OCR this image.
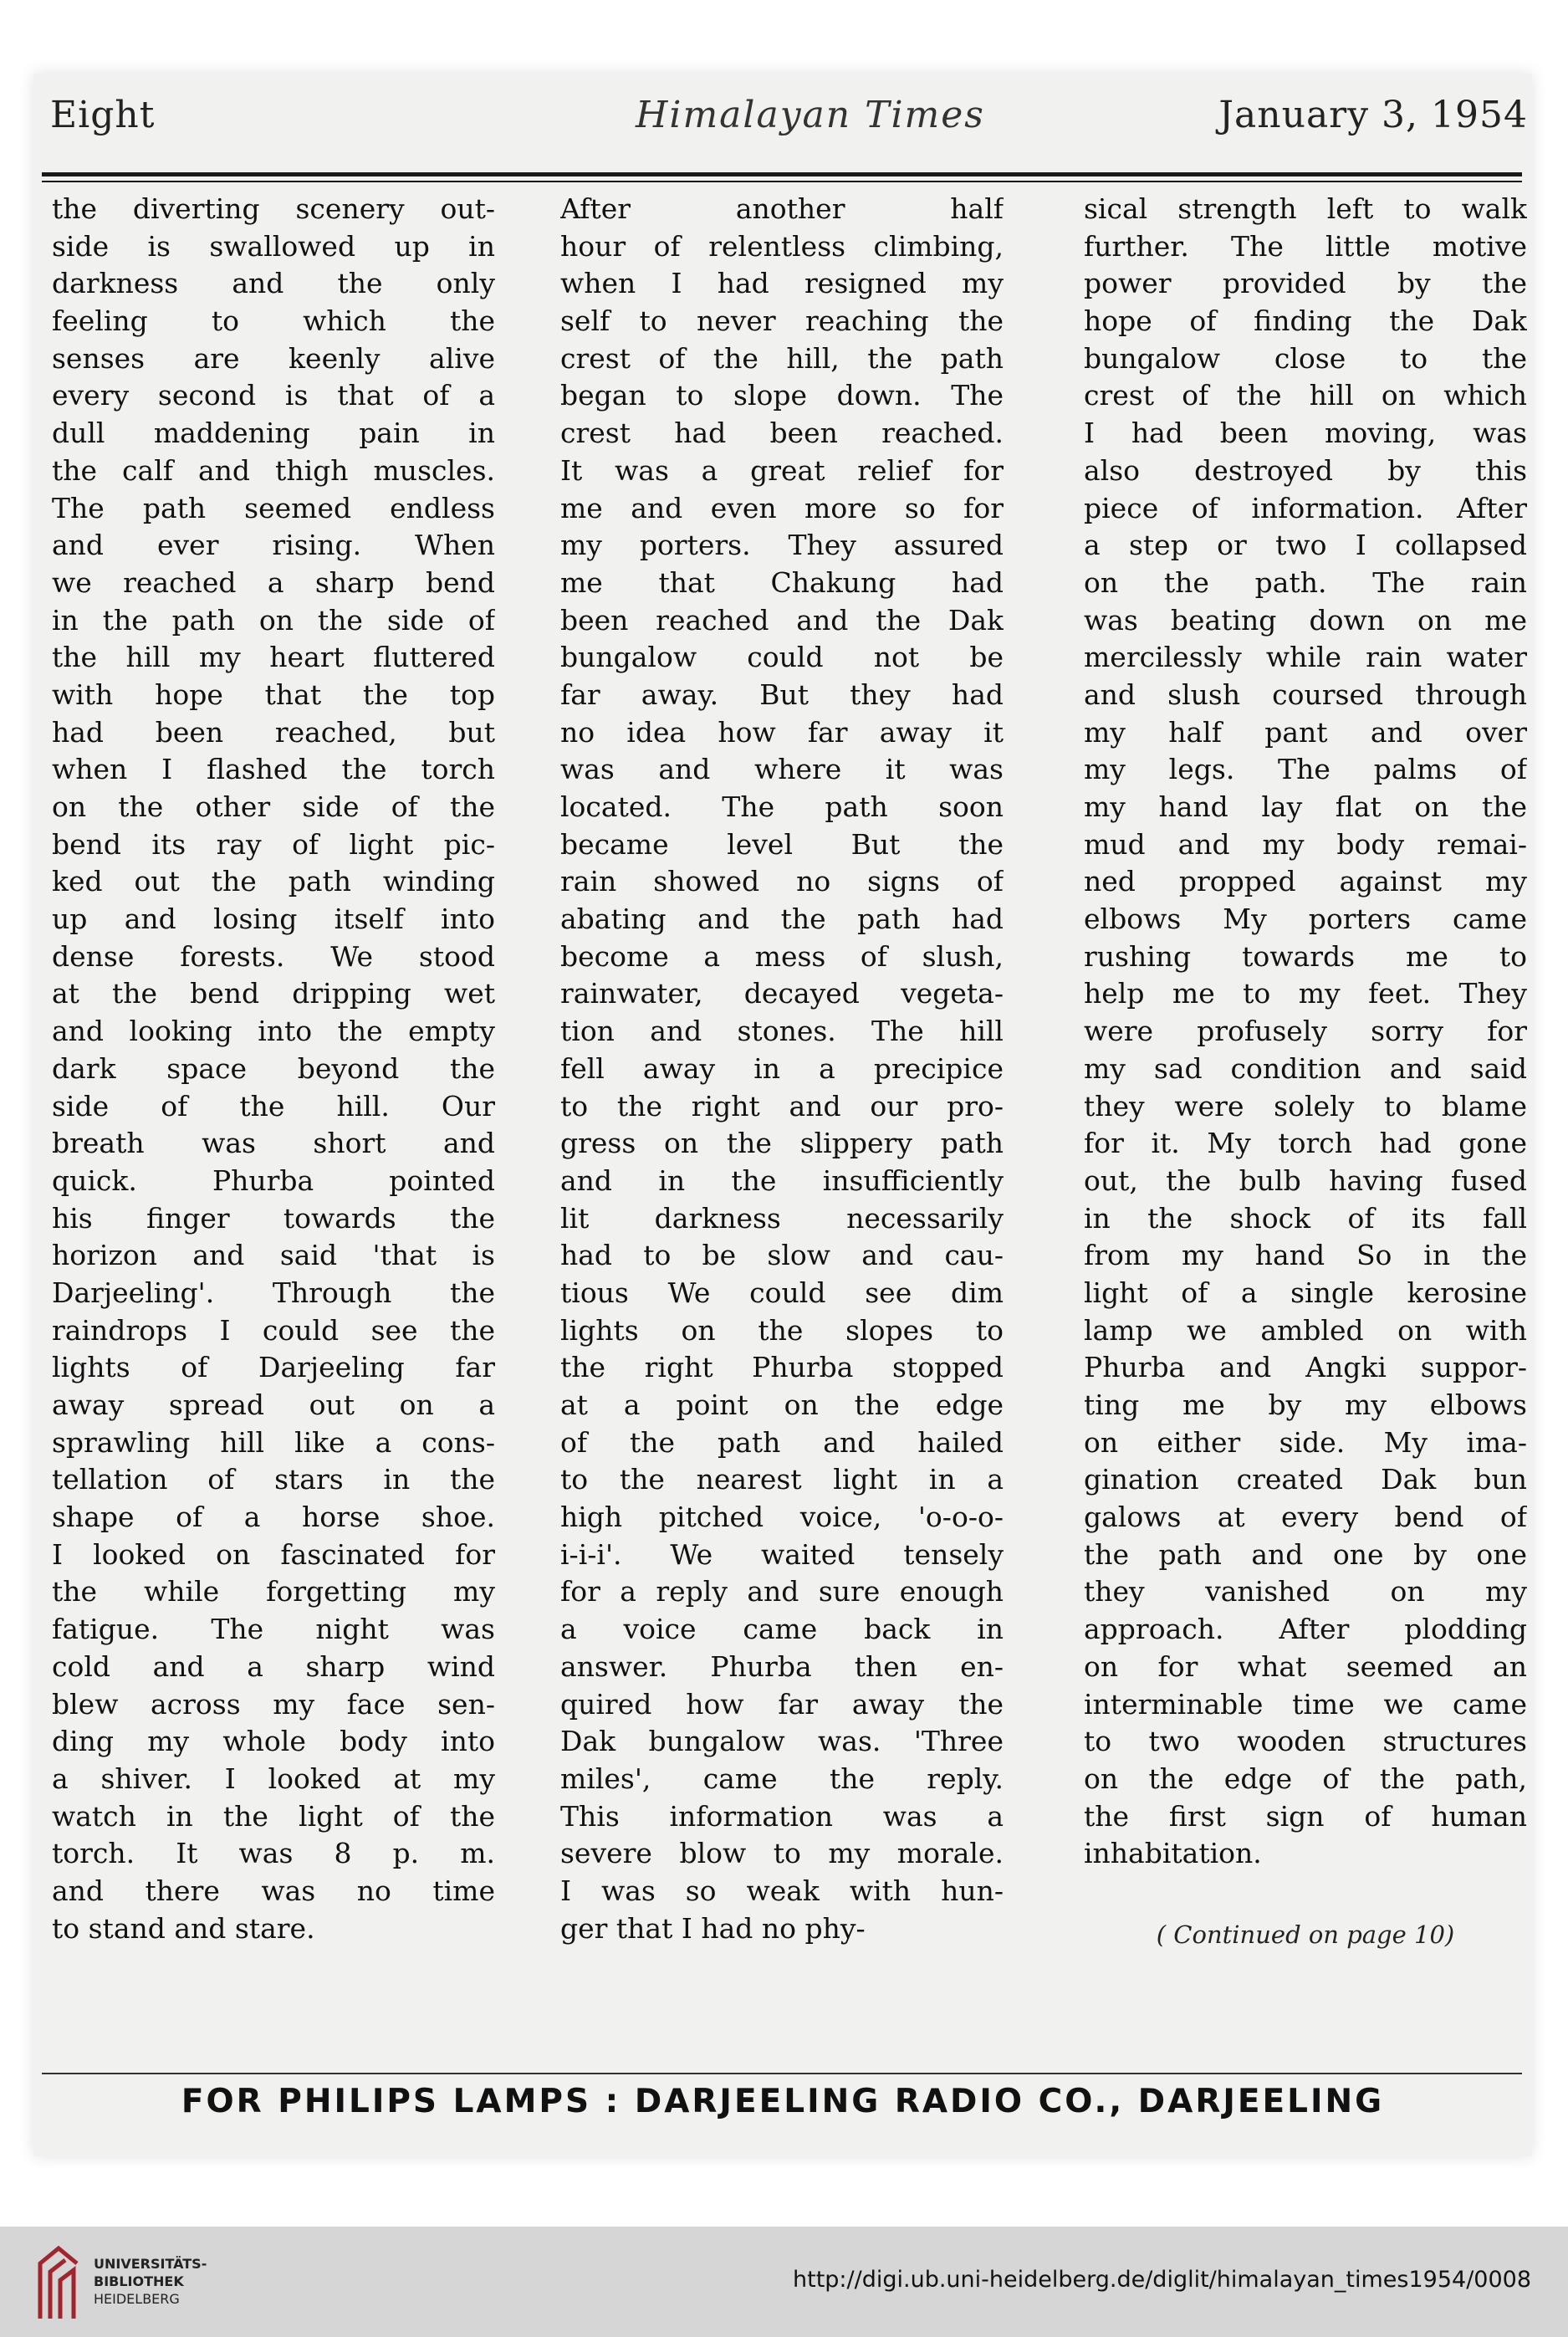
Eight	Himalayan Times	January 3, 1954
the diverting scenery out-
side is swallowed up in
darkness and the only
feeling to which the
senses are keenly alive
every second is that of a
dull maddening pain in
the calf and thigh muscles.
The path seemed endless
and ever rising. When
we reached a sharp bend
in the path on the side of
the hill my heart fluttered
with hope that the top
had been reached, but
when I flashed the torch
on the other side of the
bend its ray of light pic-
ked out the path winding
up and losing itself into
dense forests. We stood
at the bend dripping wet
and looking into the empty
dark space beyond the
side of the hill. Our
breath was short and
quick. Phurba pointed
his finger towards the
horizon and said 'that is
Darjeeling'. Through the
raindrops I could see the
lights of Darjeeling far
away spread out on a
sprawling hill like a cons-
tellation of stars in the
shape of a horse shoe.
I looked on fascinated for
the while forgetting my
fatigue. The night was
cold and a sharp wind
blew across my face sen-
ding my whole body into
a shiver. I looked at my
watch in the light of the
torch. It was 8 p. m.
and there was no time
to stand and stare.
After another half
hour of relentless climbing,
when I had resigned my
self to never reaching the
crest of the hill, the path
began to slope down. The
crest had been reached.
It was a great relief for
me and even more so for
my porters. They assured
me that Chakung had
been reached and the Dak
bungalow could not be
far away. But they had
no idea how far away it
was and where it was
located. The path soon
became level But the
rain showed no signs of
abating and the path had
become a mess of slush,
rainwater, decayed vegeta-
tion and stones. The hill
fell away in a precipice
to the right and our pro-
gress on the slippery path
and in the insufficiently
lit darkness necessarily
had to be slow and cau-
tious We could see dim
lights on the slopes to
the right Phurba stopped
at a point on the edge
of the path and hailed
to the nearest light in a
high pitched voice, 'o-o-o-
i-i-i'. We waited tensely
for a reply and sure enough
a voice came back in
answer. Phurba then en-
quired how far away the
Dak bungalow was. 'Three
miles', came the reply.
This information was a
severe blow to my morale.
I was so weak with hun-
ger that I had no phy-
sical strength left to walk
further. The little motive
power provided by the
hope of finding the Dak
bungalow close to the
crest of the hill on which
I had been moving, was
also destroyed by this
piece of information. After
a step or two I collapsed
on the path. The rain
was beating down on me
mercilessly while rain water
and slush coursed through
my half pant and over
my legs. The palms of
my hand lay flat on the
mud and my body remai-
ned propped against my
elbows My porters came
rushing towards me to
help me to my feet. They
were profusely sorry for
my sad condition and said
they were solely to blame
for it. My torch had gone
out, the bulb having fused
in the shock of its fall
from my hand So in the
light of a single kerosine
lamp we ambled on with
Phurba and Angki suppor-
ting me by my elbows
on either side. My ima-
gination created Dak bun
galows at every bend of
the path and one by one
they vanished on my
approach. After plodding
on for what seemed an
interminable time we came
to two wooden structures
on the edge of the path,
the first sign of human
inhabitation.
( Continued on page 10)
FOR PHILIPS LAMPS : DARJEELING RADIO CO., DARJEELING
UNIVERSITÄTS-
BIBLIOTHEK
HEIDELBERG
http://digi.ub.uni-heidelberg.de/diglit/himalayan_times1954/0008
